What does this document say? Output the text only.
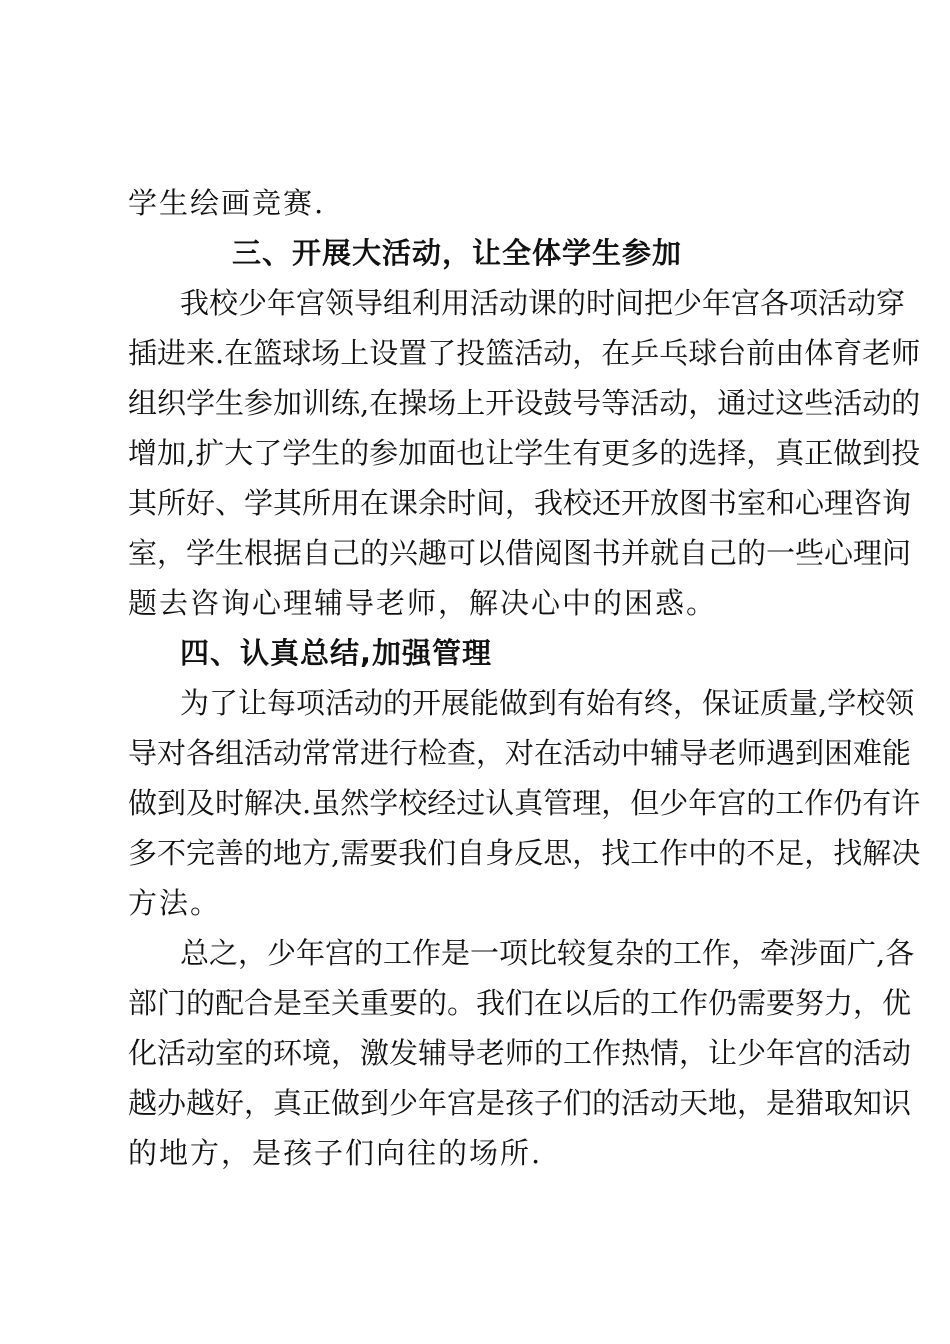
学生绘画竞赛.
三、开展大活动，让全体学生参加
我校少年宫领导组利用活动课的时间把少年宫各项活动穿
插进来.在篮球场上设置了投篮活动，在乒乓球台前由体育老师
组织学生参加训练,在操场上开设鼓号等活动，通过这些活动的
增加,扩大了学生的参加面也让学生有更多的选择，真正做到投
其所好、学其所用在课余时间，我校还开放图书室和心理咨询
室，学生根据自己的兴趣可以借阅图书并就自己的一些心理问
题去咨询心理辅导老师，解决心中的困惑。
四、认真总结,加强管理
为了让每项活动的开展能做到有始有终，保证质量,学校领
导对各组活动常常进行检查，对在活动中辅导老师遇到困难能
做到及时解决.虽然学校经过认真管理，但少年宫的工作仍有许
多不完善的地方,需要我们自身反思，找工作中的不足，找解决
方法。
总之，少年宫的工作是一项比较复杂的工作，牵涉面广,各
部门的配合是至关重要的。我们在以后的工作仍需要努力，优
化活动室的环境，激发辅导老师的工作热情，让少年宫的活动
越办越好，真正做到少年宫是孩子们的活动天地，是猎取知识
的地方，是孩子们向往的场所.
